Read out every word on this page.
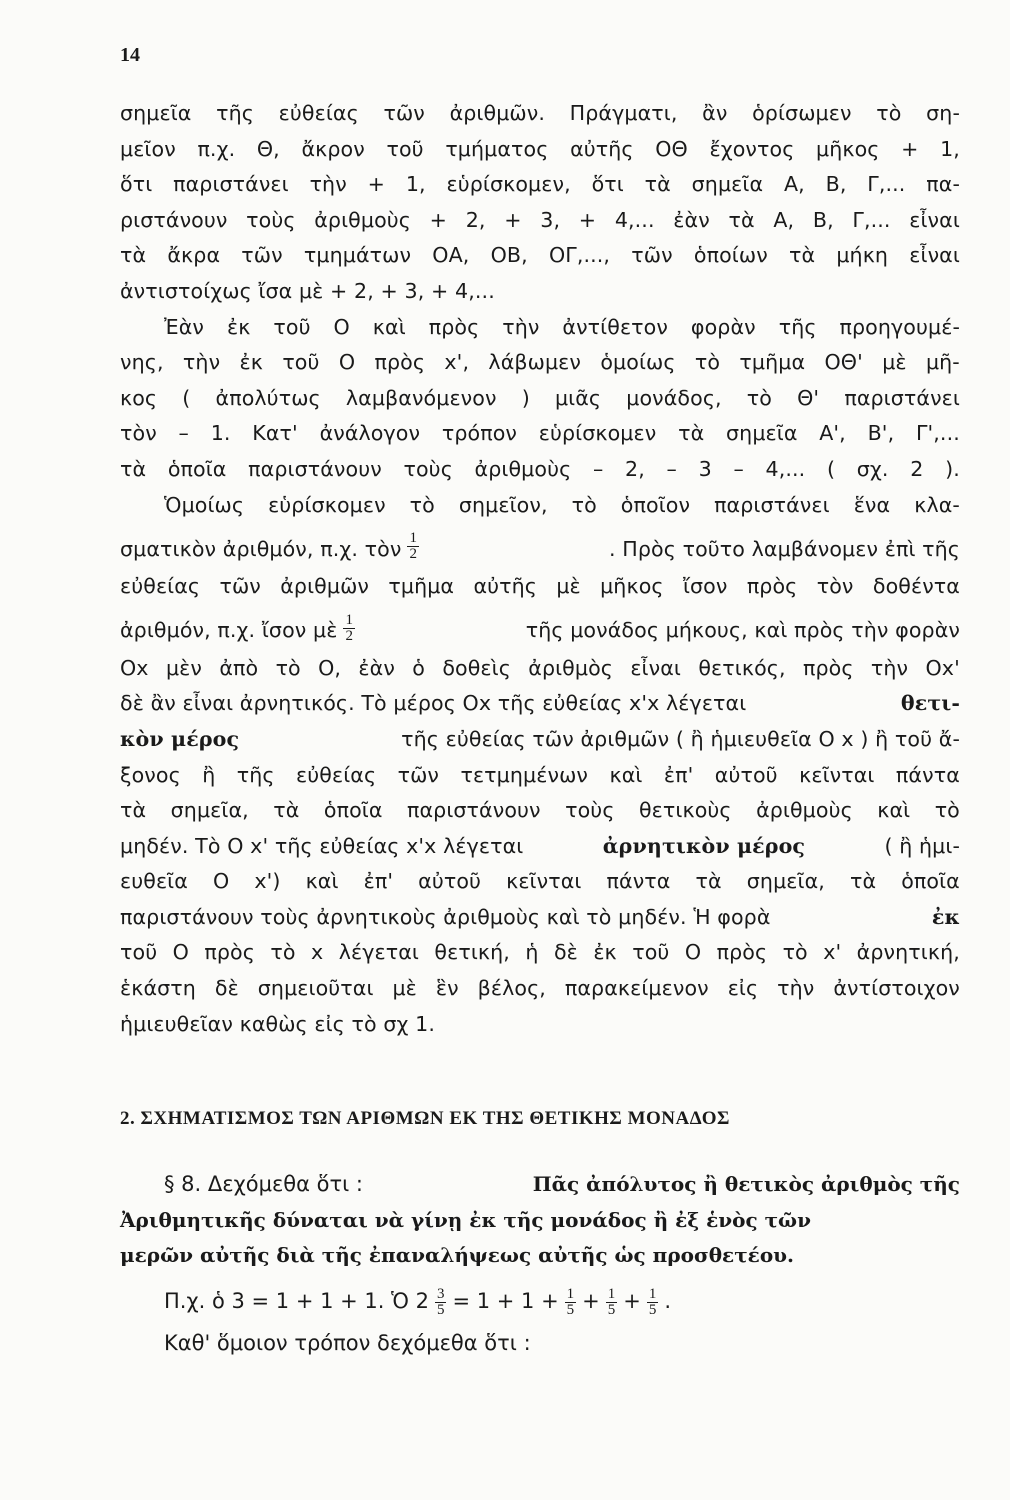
14
σημεῖα τῆς εὐθείας τῶν ἀριθμῶν. Πράγματι, ἂν ὁρίσωμεν τὸ ση-
μεῖον π.χ. Θ, ἄκρον τοῦ τμήματος αὐτῆς ΟΘ ἔχοντος μῆκος + 1,
ὅτι παριστάνει τὴν + 1, εὑρίσκομεν, ὅτι τὰ σημεῖα Α, Β, Γ,... πα-
ριστάνουν τοὺς ἀριθμοὺς + 2, + 3, + 4,... ἐὰν τὰ Α, Β, Γ,... εἶναι
τὰ ἄκρα τῶν τμημάτων ΟΑ, ΟΒ, ΟΓ,..., τῶν ὁποίων τὰ μήκη εἶναι
ἀντιστοίχως ἴσα μὲ + 2, + 3, + 4,...
Ἐὰν ἐκ τοῦ Ο καὶ πρὸς τὴν ἀντίθετον φορὰν τῆς προηγουμέ-
νης, τὴν ἐκ τοῦ Ο πρὸς x', λάβωμεν ὁμοίως τὸ τμῆμα ΟΘ' μὲ μῆ-
κος ( ἀπολύτως λαμβανόμενον ) μιᾶς μονάδος, τὸ Θ' παριστάνει
τὸν – 1. Κατ' ἀνάλογον τρόπον εὑρίσκομεν τὰ σημεῖα Α', Β', Γ',...
τὰ ὁποῖα παριστάνουν τοὺς ἀριθμοὺς – 2, – 3 – 4,... ( σχ. 2 ).
Ὁμοίως εὑρίσκομεν τὸ σημεῖον, τὸ ὁποῖον παριστάνει ἕνα κλα-
σματικὸν ἀριθμόν, π.χ. τὸν $\frac{1}{2}$	. Πρὸς τοῦτο λαμβάνομεν ἐπὶ τῆς
εὐθείας τῶν ἀριθμῶν τμῆμα αὐτῆς μὲ μῆκος ἴσον πρὸς τὸν δοθέντα
ἀριθμόν, π.χ. ἴσον μὲ $\frac{1}{2}$	τῆς μονάδος μήκους, καὶ πρὸς τὴν φορὰν
Οx μὲν ἀπὸ τὸ Ο, ἐὰν ὁ δοθεὶς ἀριθμὸς εἶναι θετικός, πρὸς τὴν Οx'
δὲ ἂν εἶναι ἀρνητικός. Τὸ μέρος Οx τῆς εὐθείας x'x λέγεται	θετι-
κὸν μέρος	τῆς εὐθείας τῶν ἀριθμῶν ( ἢ ἡμιευθεῖα Ο x ) ἢ τοῦ ἄ-
ξονος ἢ τῆς εὐθείας τῶν τετμημένων καὶ ἐπ' αὐτοῦ κεῖνται πάντα
τὰ σημεῖα, τὰ ὁποῖα παριστάνουν τοὺς θετικοὺς ἀριθμοὺς καὶ τὸ
μηδέν. Τὸ Ο x' τῆς εὐθείας x'x λέγεται	ἀρνητικὸν μέρος	( ἢ ἡμι-
ευθεῖα Ο x') καὶ ἐπ' αὐτοῦ κεῖνται πάντα τὰ σημεῖα, τὰ ὁποῖα
παριστάνουν τοὺς ἀρνητικοὺς ἀριθμοὺς καὶ τὸ μηδέν. Ἡ φορὰ	ἐκ
τοῦ Ο πρὸς τὸ x λέγεται θετική, ἡ δὲ ἐκ τοῦ Ο πρὸς τὸ x' ἀρνητική,
ἑκάστη δὲ σημειοῦται μὲ ἓν βέλος, παρακείμενον εἰς τὴν ἀντίστοιχον
ἡμιευθεῖαν καθὼς εἰς τὸ σχ 1.
2. ΣΧΗΜΑΤΙΣΜΟΣ ΤΩΝ ΑΡΙΘΜΩΝ ΕΚ ΤΗΣ ΘΕΤΙΚΗΣ ΜΟΝΑΔΟΣ
§ 8. Δεχόμεθα ὅτι :	Πᾶς ἀπόλυτος ἢ θετικὸς ἀριθμὸς τῆς
Ἀριθμητικῆς δύναται νὰ γίνῃ ἐκ τῆς μονάδος ἢ ἐξ ἑνὸς τῶν
μερῶν αὐτῆς διὰ τῆς ἐπαναλήψεως αὐτῆς ὡς προσθετέου.
Π.χ. ὁ 3 = 1 + 1 + 1. Ὁ $2 \frac{3}{5} = 1 + 1 + \frac{1}{5} + \frac{1}{5} + \frac{1}{5}$ .
Καθ' ὅμοιον τρόπον δεχόμεθα ὅτι :
